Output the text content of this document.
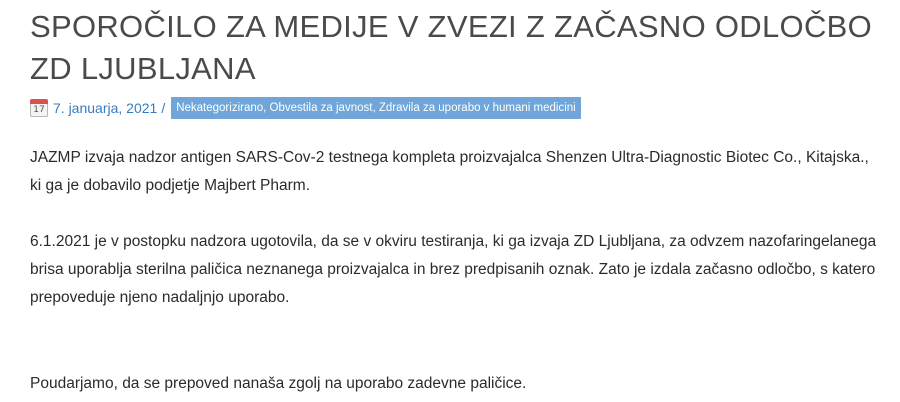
SPOROČILO ZA MEDIJE V ZVEZI Z ZAČASNO ODLOČBO ZD LJUBLJANA
17 7. januarja, 2021 / Nekategorizirano, Obvestila za javnost, Zdravila za uporabo v humani medicini

JAZMP izvaja nadzor antigen SARS-Cov-2 testnega kompleta proizvajalca Shenzen Ultra-Diagnostic Biotec Co., Kitajska., ki ga je dobavilo podjetje Majbert Pharm.

6.1.2021 je v postopku nadzora ugotovila, da se v okviru testiranja, ki ga izvaja ZD Ljubljana, za odvzem nazofaringelanega brisa uporablja sterilna paličica neznanega proizvajalca in brez predpisanih oznak. Zato je izdala začasno odločbo, s katero prepoveduje njeno nadaljnjo uporabo.

Poudarjamo, da se prepoved nanaša zgolj na uporabo zadevne paličice.
